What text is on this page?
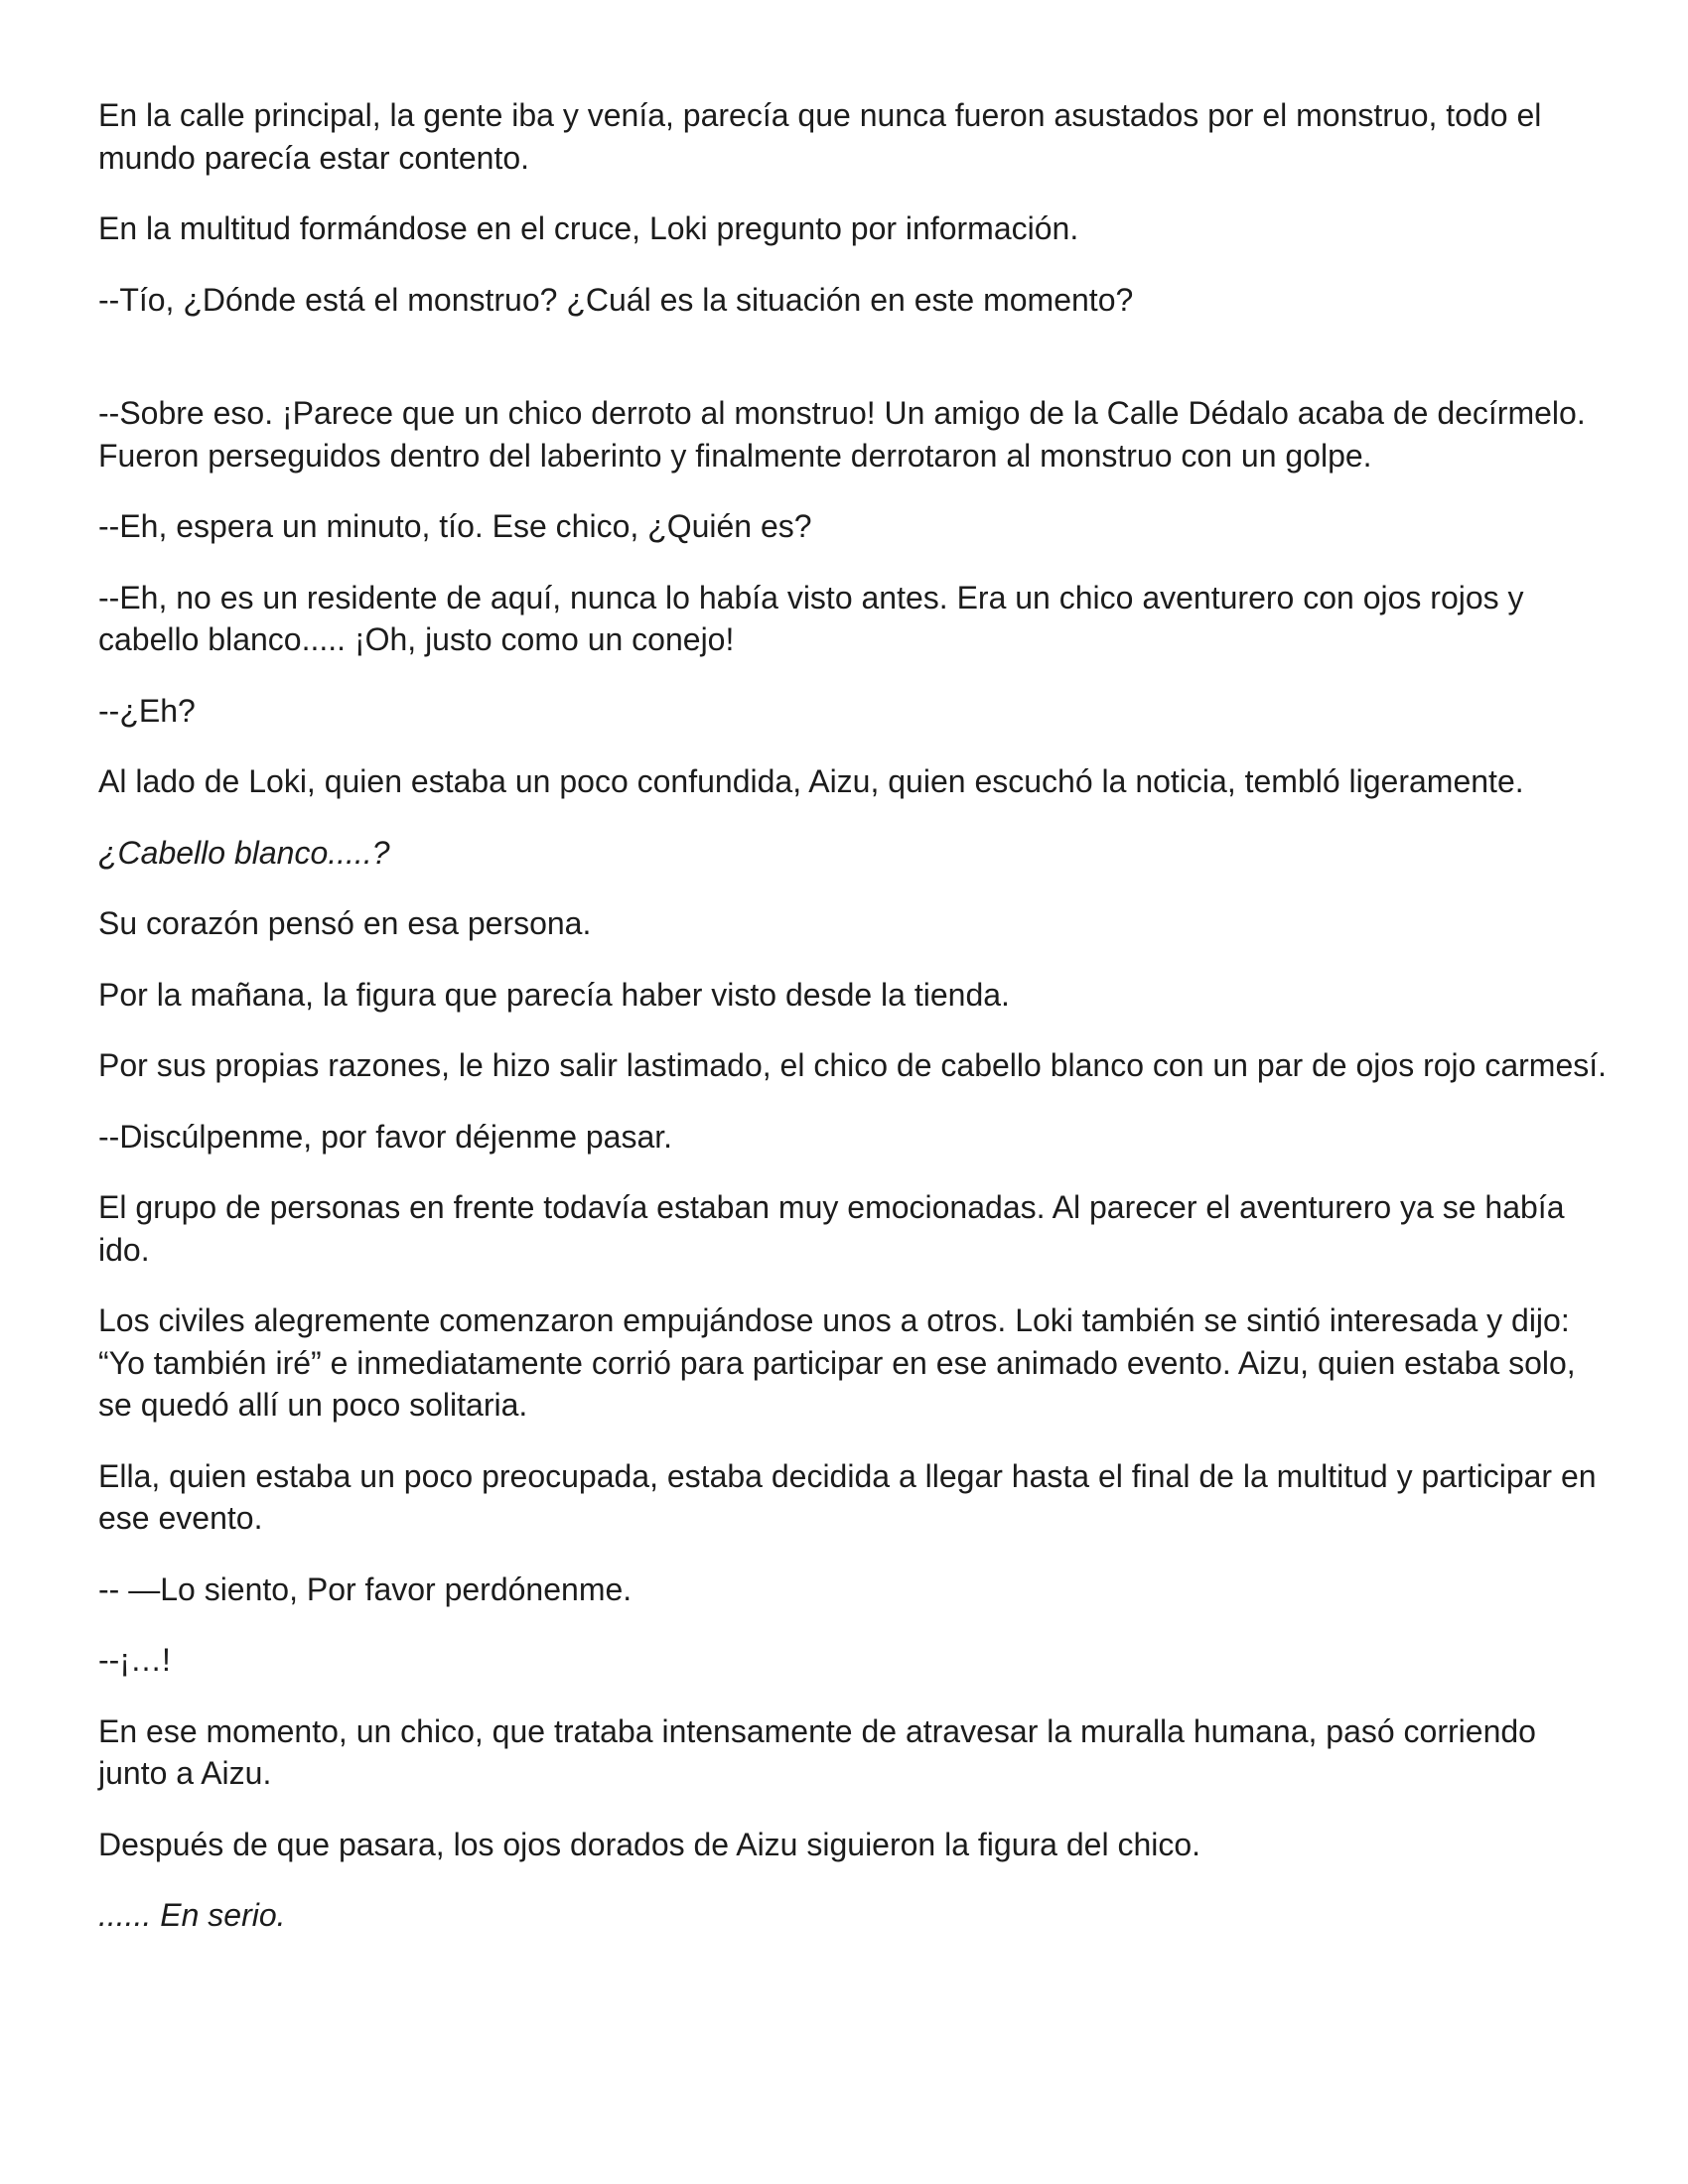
En la calle principal, la gente iba y venía, parecía que nunca fueron asustados por el monstruo, todo el mundo parecía estar contento.

En la multitud formándose en el cruce, Loki pregunto por información.

--Tío, ¿Dónde está el monstruo? ¿Cuál es la situación en este momento?

--Sobre eso. ¡Parece que un chico derroto al monstruo! Un amigo de la Calle Dédalo acaba de decírmelo. Fueron perseguidos dentro del laberinto y finalmente derrotaron al monstruo con un golpe.

--Eh, espera un minuto, tío. Ese chico, ¿Quién es?

--Eh, no es un residente de aquí, nunca lo había visto antes. Era un chico aventurero con ojos rojos y cabello blanco..... ¡Oh, justo como un conejo!

--¿Eh?

Al lado de Loki, quien estaba un poco confundida, Aizu, quien escuchó la noticia, tembló ligeramente.

¿Cabello blanco.....?

Su corazón pensó en esa persona.

Por la mañana, la figura que parecía haber visto desde la tienda.

Por sus propias razones, le hizo salir lastimado, el chico de cabello blanco con un par de ojos rojo carmesí.

--Discúlpenme, por favor déjenme pasar.

El grupo de personas en frente todavía estaban muy emocionadas. Al parecer el aventurero ya se había ido.

Los civiles alegremente comenzaron empujándose unos a otros. Loki también se sintió interesada y dijo: “Yo también iré” e inmediatamente corrió para participar en ese animado evento. Aizu, quien estaba solo, se quedó allí un poco solitaria.

Ella, quien estaba un poco preocupada, estaba decidida a llegar hasta el final de la multitud y participar en ese evento.

-- —Lo siento, Por favor perdónenme.

--¡…!

En ese momento, un chico, que trataba intensamente de atravesar la muralla humana, pasó corriendo junto a Aizu.

Después de que pasara, los ojos dorados de Aizu siguieron la figura del chico.

...... En serio.
